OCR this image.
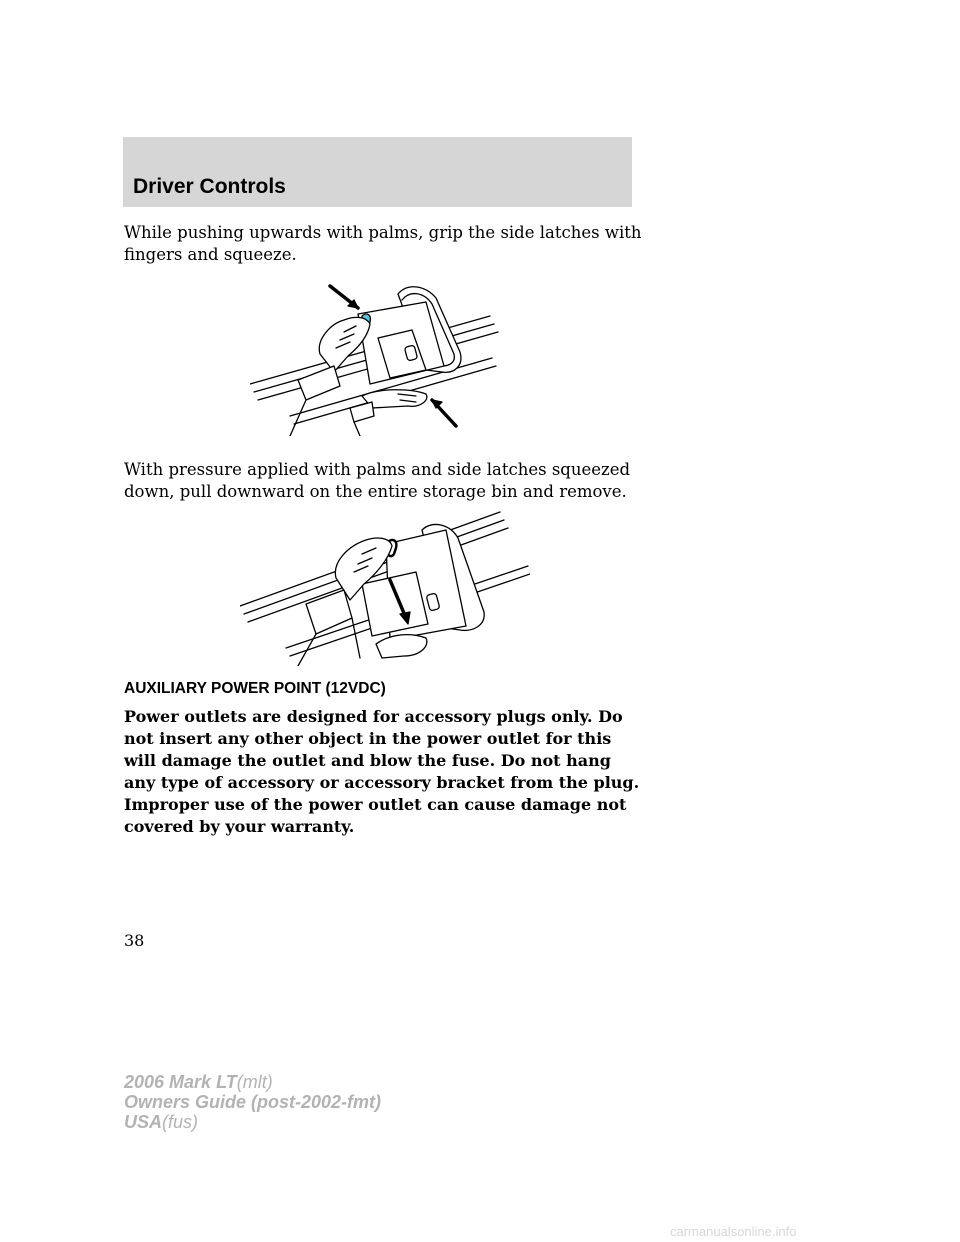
Driver Controls

While pushing upwards with palms, grip the side latches with fingers and squeeze.

With pressure applied with palms and side latches squeezed down, pull downward on the entire storage bin and remove.

AUXILIARY POWER POINT (12VDC)

Power outlets are designed for accessory plugs only. Do not insert any other object in the power outlet for this will damage the outlet and blow the fuse. Do not hang any type of accessory or accessory bracket from the plug. Improper use of the power outlet can cause damage not covered by your warranty.

38

2006 Mark LT(mlt)
Owners Guide (post-2002-fmt)
USA(fus)
carmanualsonline.info
